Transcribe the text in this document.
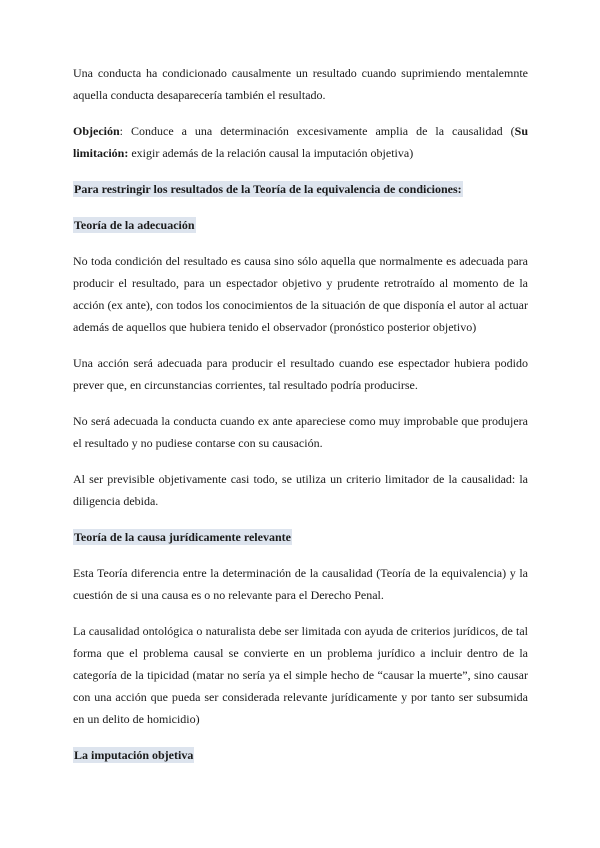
Una conducta ha condicionado causalmente un resultado cuando suprimiendo mentalemnte aquella conducta desaparecería también el resultado.

Objeción: Conduce a una determinación excesivamente amplia de la causalidad (Su limitación: exigir además de la relación causal la imputación objetiva)

Para restringir los resultados de la Teoría de la equivalencia de condiciones:
Teoría de la adecuación

No toda condición del resultado es causa sino sólo aquella que normalmente es adecuada para producir el resultado, para un espectador objetivo y prudente retrotraído al momento de la acción (ex ante), con todos los conocimientos de la situación de que disponía el autor al actuar además de aquellos que hubiera tenido el observador (pronóstico posterior objetivo)

Una acción será adecuada para producir el resultado cuando ese espectador hubiera podido prever que, en circunstancias corrientes, tal resultado podría producirse.

No será adecuada la conducta cuando ex ante apareciese como muy improbable que produjera el resultado y no pudiese contarse con su causación.

Al ser previsible objetivamente casi todo, se utiliza un criterio limitador de la causalidad: la diligencia debida.

Teoría de la causa jurídicamente relevante

Esta Teoría diferencia entre la determinación de la causalidad (Teoría de la equivalencia) y la cuestión de si una causa es o no relevante para el Derecho Penal.

La causalidad ontológica o naturalista debe ser limitada con ayuda de criterios jurídicos, de tal forma que el problema causal se convierte en un problema jurídico a incluir dentro de la categoría de la tipicidad (matar no sería ya el simple hecho de “causar la muerte”, sino causar con una acción que pueda ser considerada relevante jurídicamente y por tanto ser subsumida en un delito de homicidio)

La imputación objetiva
